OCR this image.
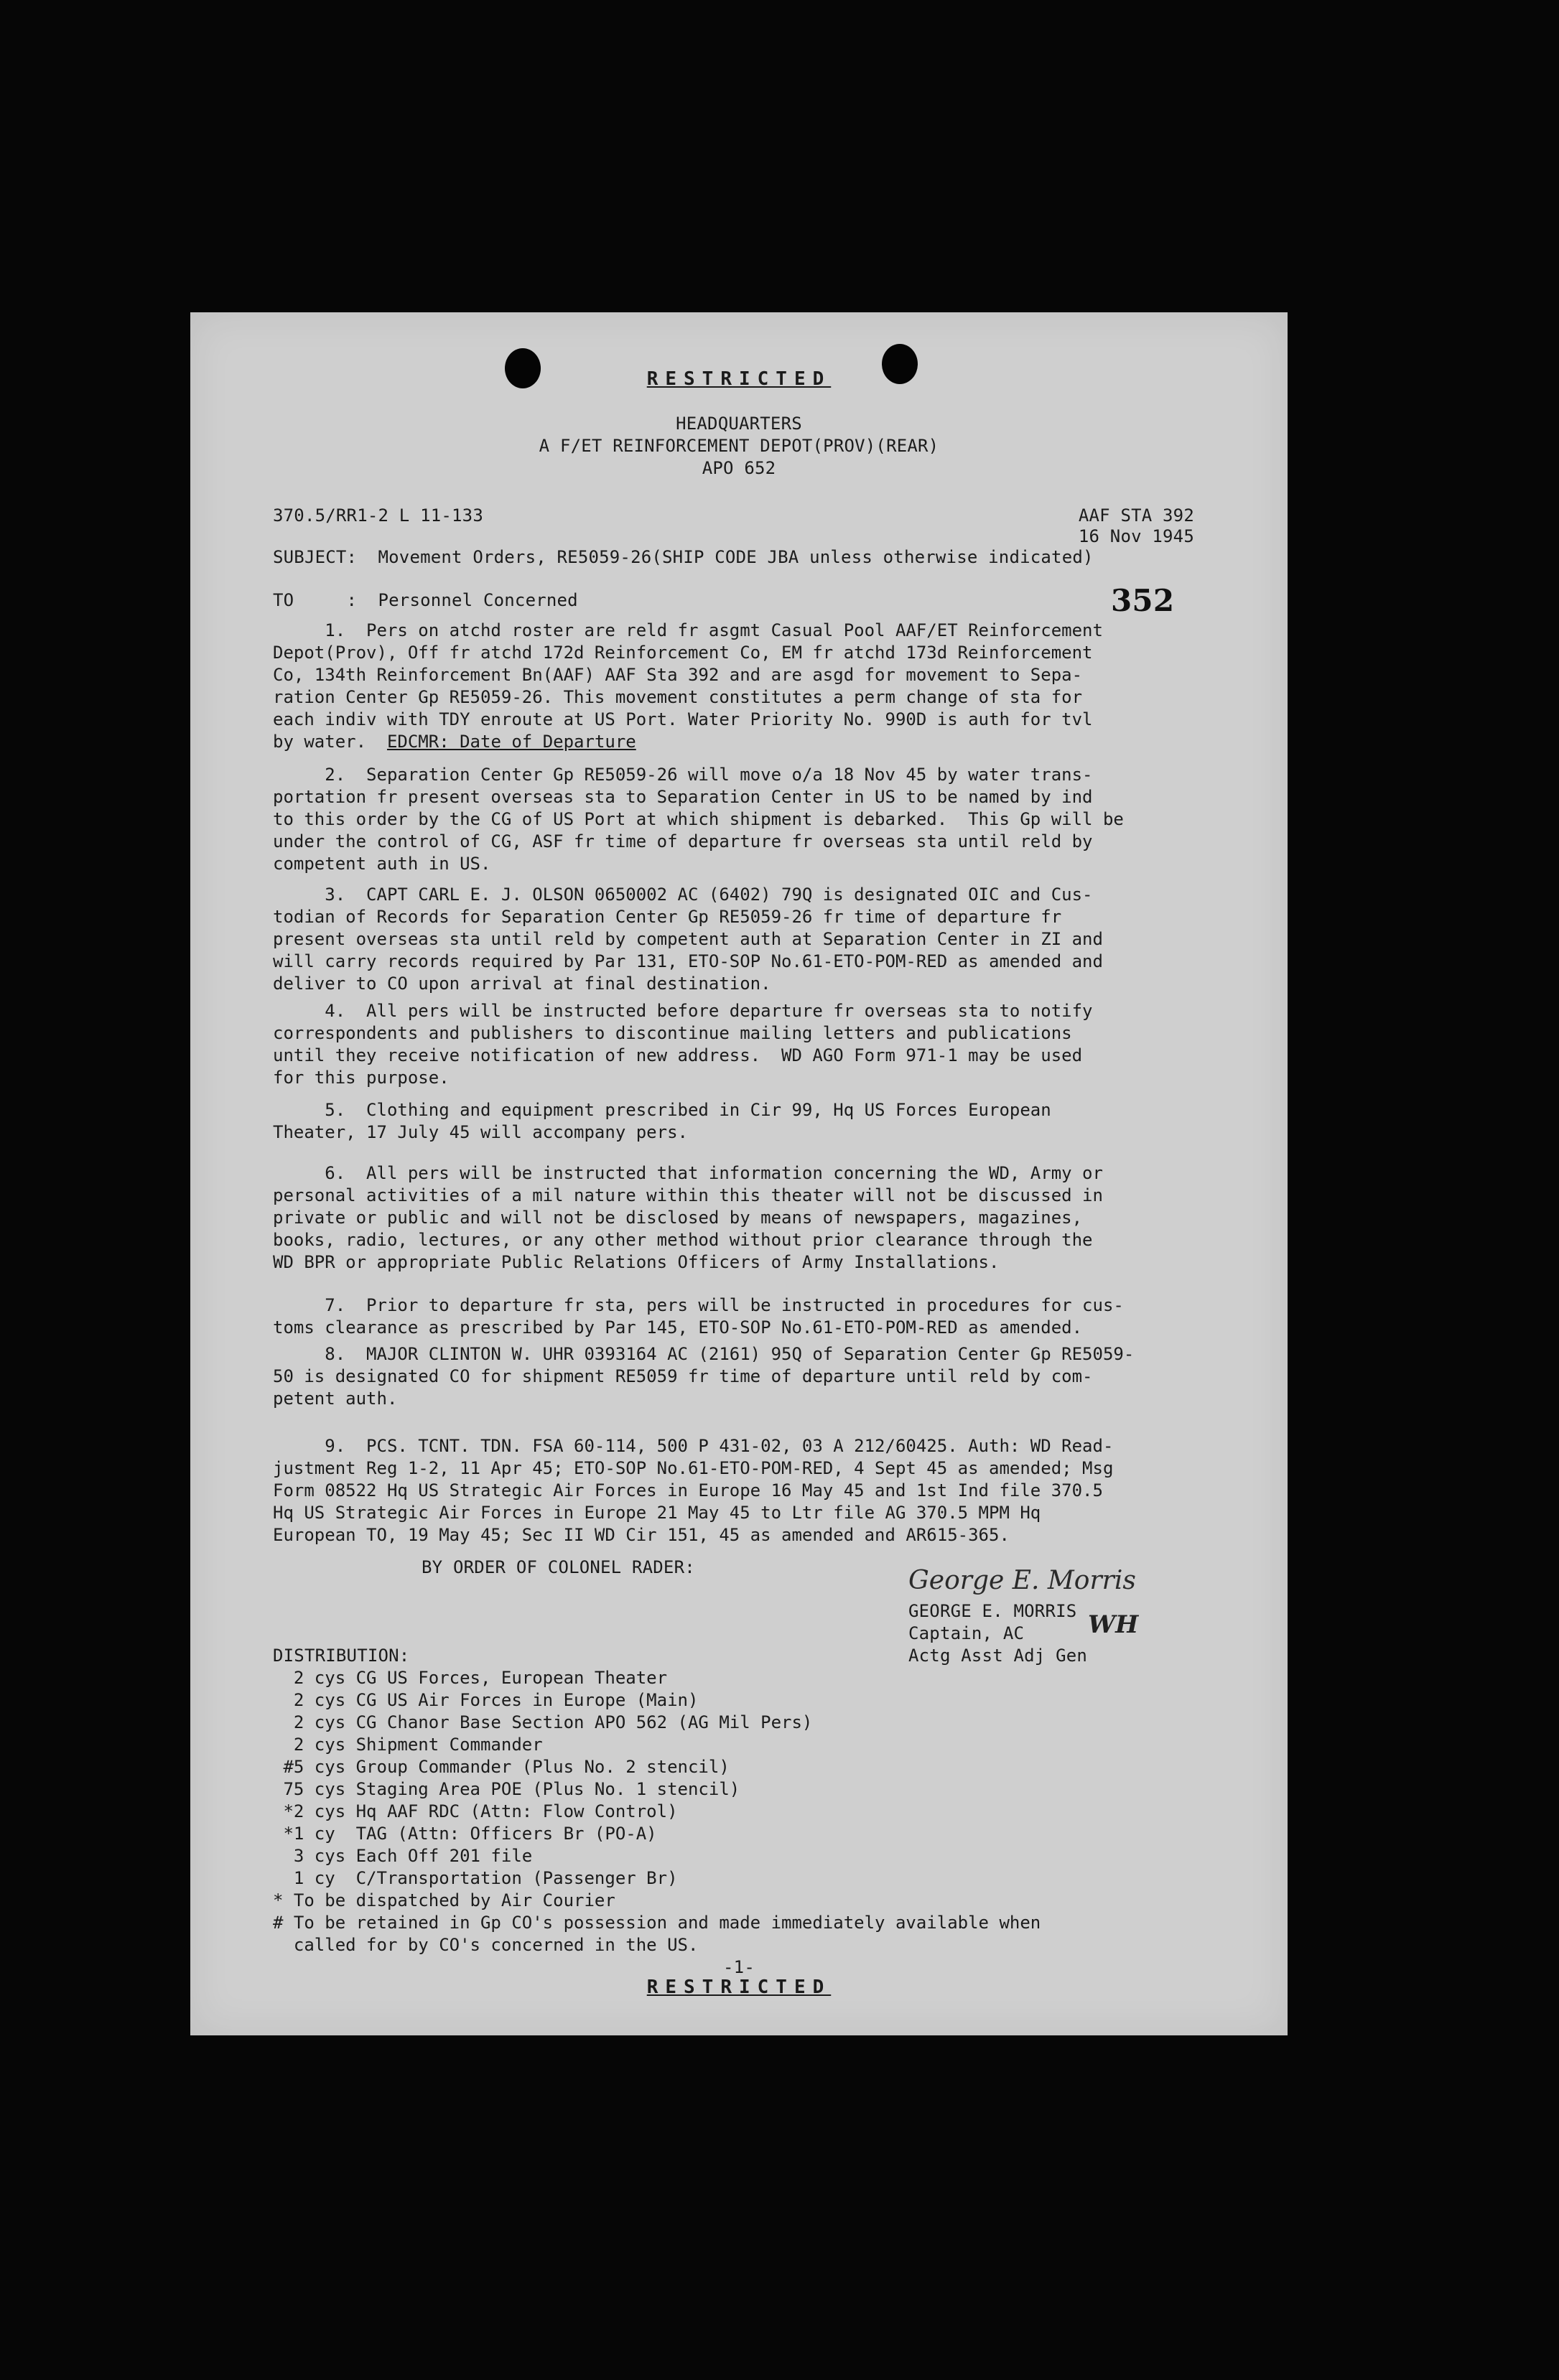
RESTRICTED
HEADQUARTERS
A F/ET REINFORCEMENT DEPOT(PROV)(REAR)
APO 652
370.5/RR1-2 L 11-133	AAF STA 392
16 Nov 1945
SUBJECT:  Movement Orders, RE5059-26(SHIP CODE JBA unless otherwise indicated)
TO     :  Personnel Concerned	352
1.  Pers on atchd roster are reld fr asgmt Casual Pool AAF/ET Reinforcement
Depot(Prov), Off fr atchd 172d Reinforcement Co, EM fr atchd 173d Reinforcement
Co, 134th Reinforcement Bn(AAF) AAF Sta 392 and are asgd for movement to Sepa-
ration Center Gp RE5059-26. This movement constitutes a perm change of sta for
each indiv with TDY enroute at US Port. Water Priority No. 990D is auth for tvl
by water.  EDCMR: Date of Departure
2.  Separation Center Gp RE5059-26 will move o/a 18 Nov 45 by water trans-
portation fr present overseas sta to Separation Center in US to be named by ind
to this order by the CG of US Port at which shipment is debarked.  This Gp will be
under the control of CG, ASF fr time of departure fr overseas sta until reld by
competent auth in US.
3.  CAPT CARL E. J. OLSON 0650002 AC (6402) 79Q is designated OIC and Cus-
todian of Records for Separation Center Gp RE5059-26 fr time of departure fr
present overseas sta until reld by competent auth at Separation Center in ZI and
will carry records required by Par 131, ETO-SOP No.61-ETO-POM-RED as amended and
deliver to CO upon arrival at final destination.
4.  All pers will be instructed before departure fr overseas sta to notify
correspondents and publishers to discontinue mailing letters and publications
until they receive notification of new address.  WD AGO Form 971-1 may be used
for this purpose.
5.  Clothing and equipment prescribed in Cir 99, Hq US Forces European
Theater, 17 July 45 will accompany pers.
6.  All pers will be instructed that information concerning the WD, Army or
personal activities of a mil nature within this theater will not be discussed in
private or public and will not be disclosed by means of newspapers, magazines,
books, radio, lectures, or any other method without prior clearance through the
WD BPR or appropriate Public Relations Officers of Army Installations.
7.  Prior to departure fr sta, pers will be instructed in procedures for cus-
toms clearance as prescribed by Par 145, ETO-SOP No.61-ETO-POM-RED as amended.
8.  MAJOR CLINTON W. UHR 0393164 AC (2161) 95Q of Separation Center Gp RE5059-
50 is designated CO for shipment RE5059 fr time of departure until reld by com-
petent auth.
9.  PCS. TCNT. TDN. FSA 60-114, 500 P 431-02, 03 A 212/60425. Auth: WD Read-
justment Reg 1-2, 11 Apr 45; ETO-SOP No.61-ETO-POM-RED, 4 Sept 45 as amended; Msg
Form 08522 Hq US Strategic Air Forces in Europe 16 May 45 and 1st Ind file 370.5
Hq US Strategic Air Forces in Europe 21 May 45 to Ltr file AG 370.5 MPM Hq
European TO, 19 May 45; Sec II WD Cir 151, 45 as amended and AR615-365.
BY ORDER OF COLONEL RADER:	George E. Morris
GEORGE E. MORRIS WH
Captain, AC
Actg Asst Adj Gen
DISTRIBUTION:
2 cys CG US Forces, European Theater
2 cys CG US Air Forces in Europe (Main)
2 cys CG Chanor Base Section APO 562 (AG Mil Pers)
2 cys Shipment Commander
#5 cys Group Commander (Plus No. 2 stencil)
75 cys Staging Area POE (Plus No. 1 stencil)
*2 cys Hq AAF RDC (Attn: Flow Control)
*1 cy  TAG (Attn: Officers Br (PO-A)
3 cys Each Off 201 file
1 cy  C/Transportation (Passenger Br)
* To be dispatched by Air Courier
# To be retained in Gp CO's possession and made immediately available when
called for by CO's concerned in the US.
-1-
RESTRICTED
